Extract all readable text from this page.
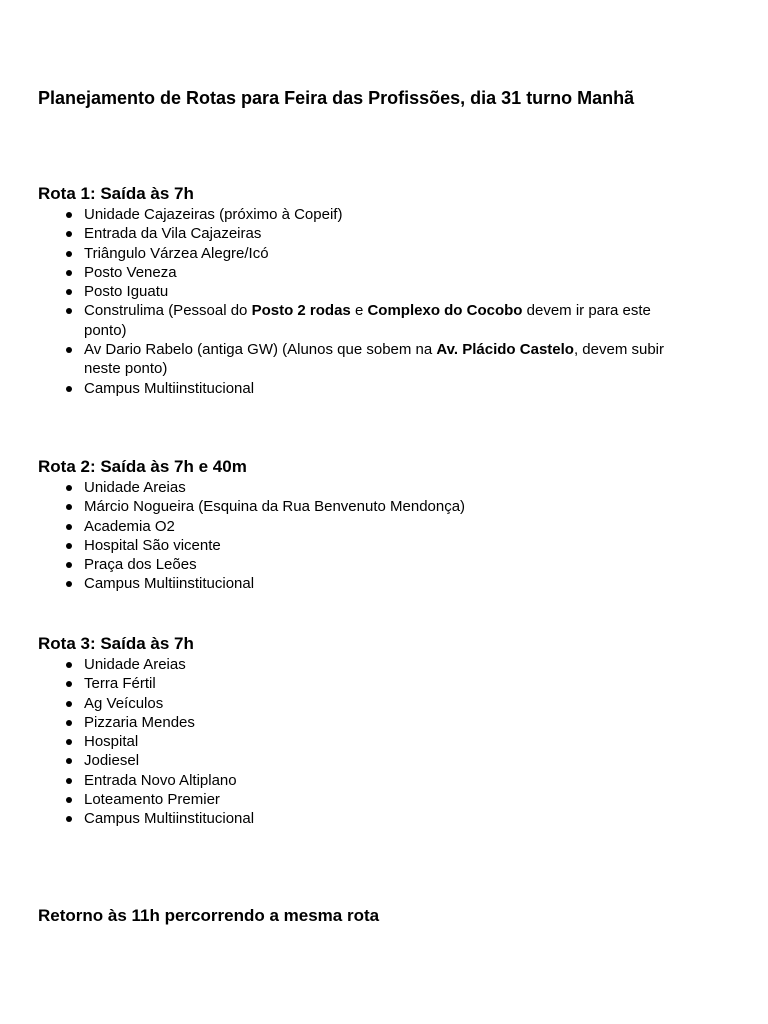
Planejamento de Rotas para Feira das Profissões, dia 31 turno Manhã
Rota 1: Saída às 7h
Unidade Cajazeiras (próximo à Copeif)
Entrada da Vila Cajazeiras
Triângulo Várzea Alegre/Icó
Posto Veneza
Posto Iguatu
Construlima (Pessoal do Posto 2 rodas e Complexo do Cocobo devem ir para este ponto)
Av Dario Rabelo (antiga GW) (Alunos que sobem na Av. Plácido Castelo, devem subir neste ponto)
Campus Multiinstitucional
Rota 2: Saída às 7h e 40m
Unidade Areias
Márcio Nogueira (Esquina da Rua Benvenuto Mendonça)
Academia O2
Hospital São vicente
Praça dos Leões
Campus Multiinstitucional
Rota 3: Saída às 7h
Unidade Areias
Terra Fértil
Ag Veículos
Pizzaria Mendes
Hospital
Jodiesel
Entrada Novo Altiplano
Loteamento Premier
Campus Multiinstitucional

Retorno às 11h percorrendo a mesma rota
